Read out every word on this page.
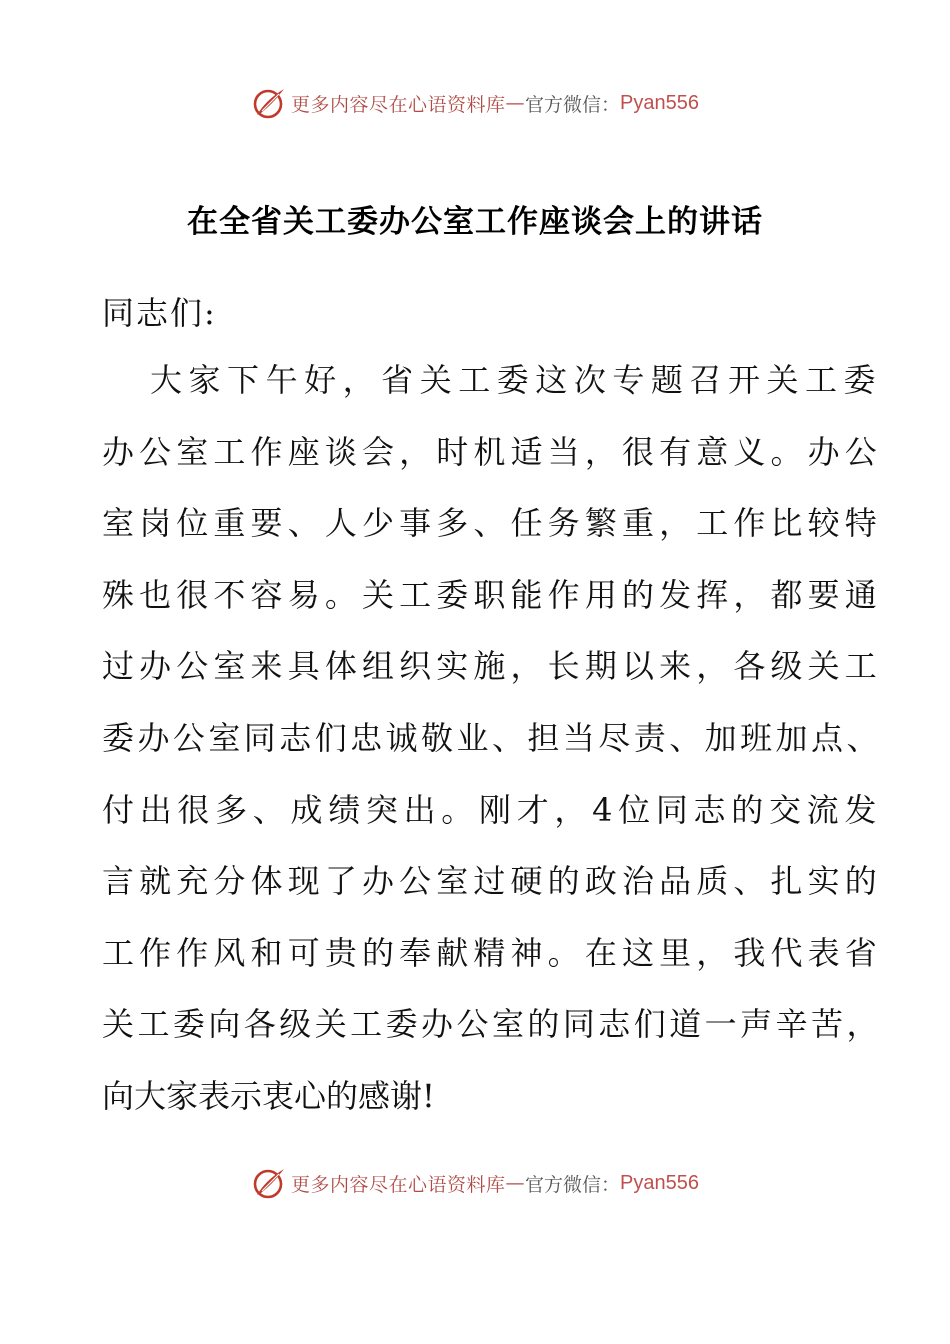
更多内容尽在心语资料库 — 官方微信： Pyan556
在全省关工委办公室工作座谈会上的讲话
同志们:
大家下午好，省关工委这次专题召开关工委
办公室工作座谈会，时机适当，很有意义。办公
室岗位重要、人少事多、任务繁重，工作比较特
殊也很不容易。关工委职能作用的发挥，都要通
过办公室来具体组织实施，长期以来，各级关工
委办公室同志们忠诚敬业、担当尽责、加班加点、
付出很多、成绩突出。刚才，4位同志的交流发
言就充分体现了办公室过硬的政治品质、扎实的
工作作风和可贵的奉献精神。在这里，我代表省
关工委向各级关工委办公室的同志们道一声辛苦，
向大家表示衷心的感谢!
更多内容尽在心语资料库 — 官方微信： Pyan556
